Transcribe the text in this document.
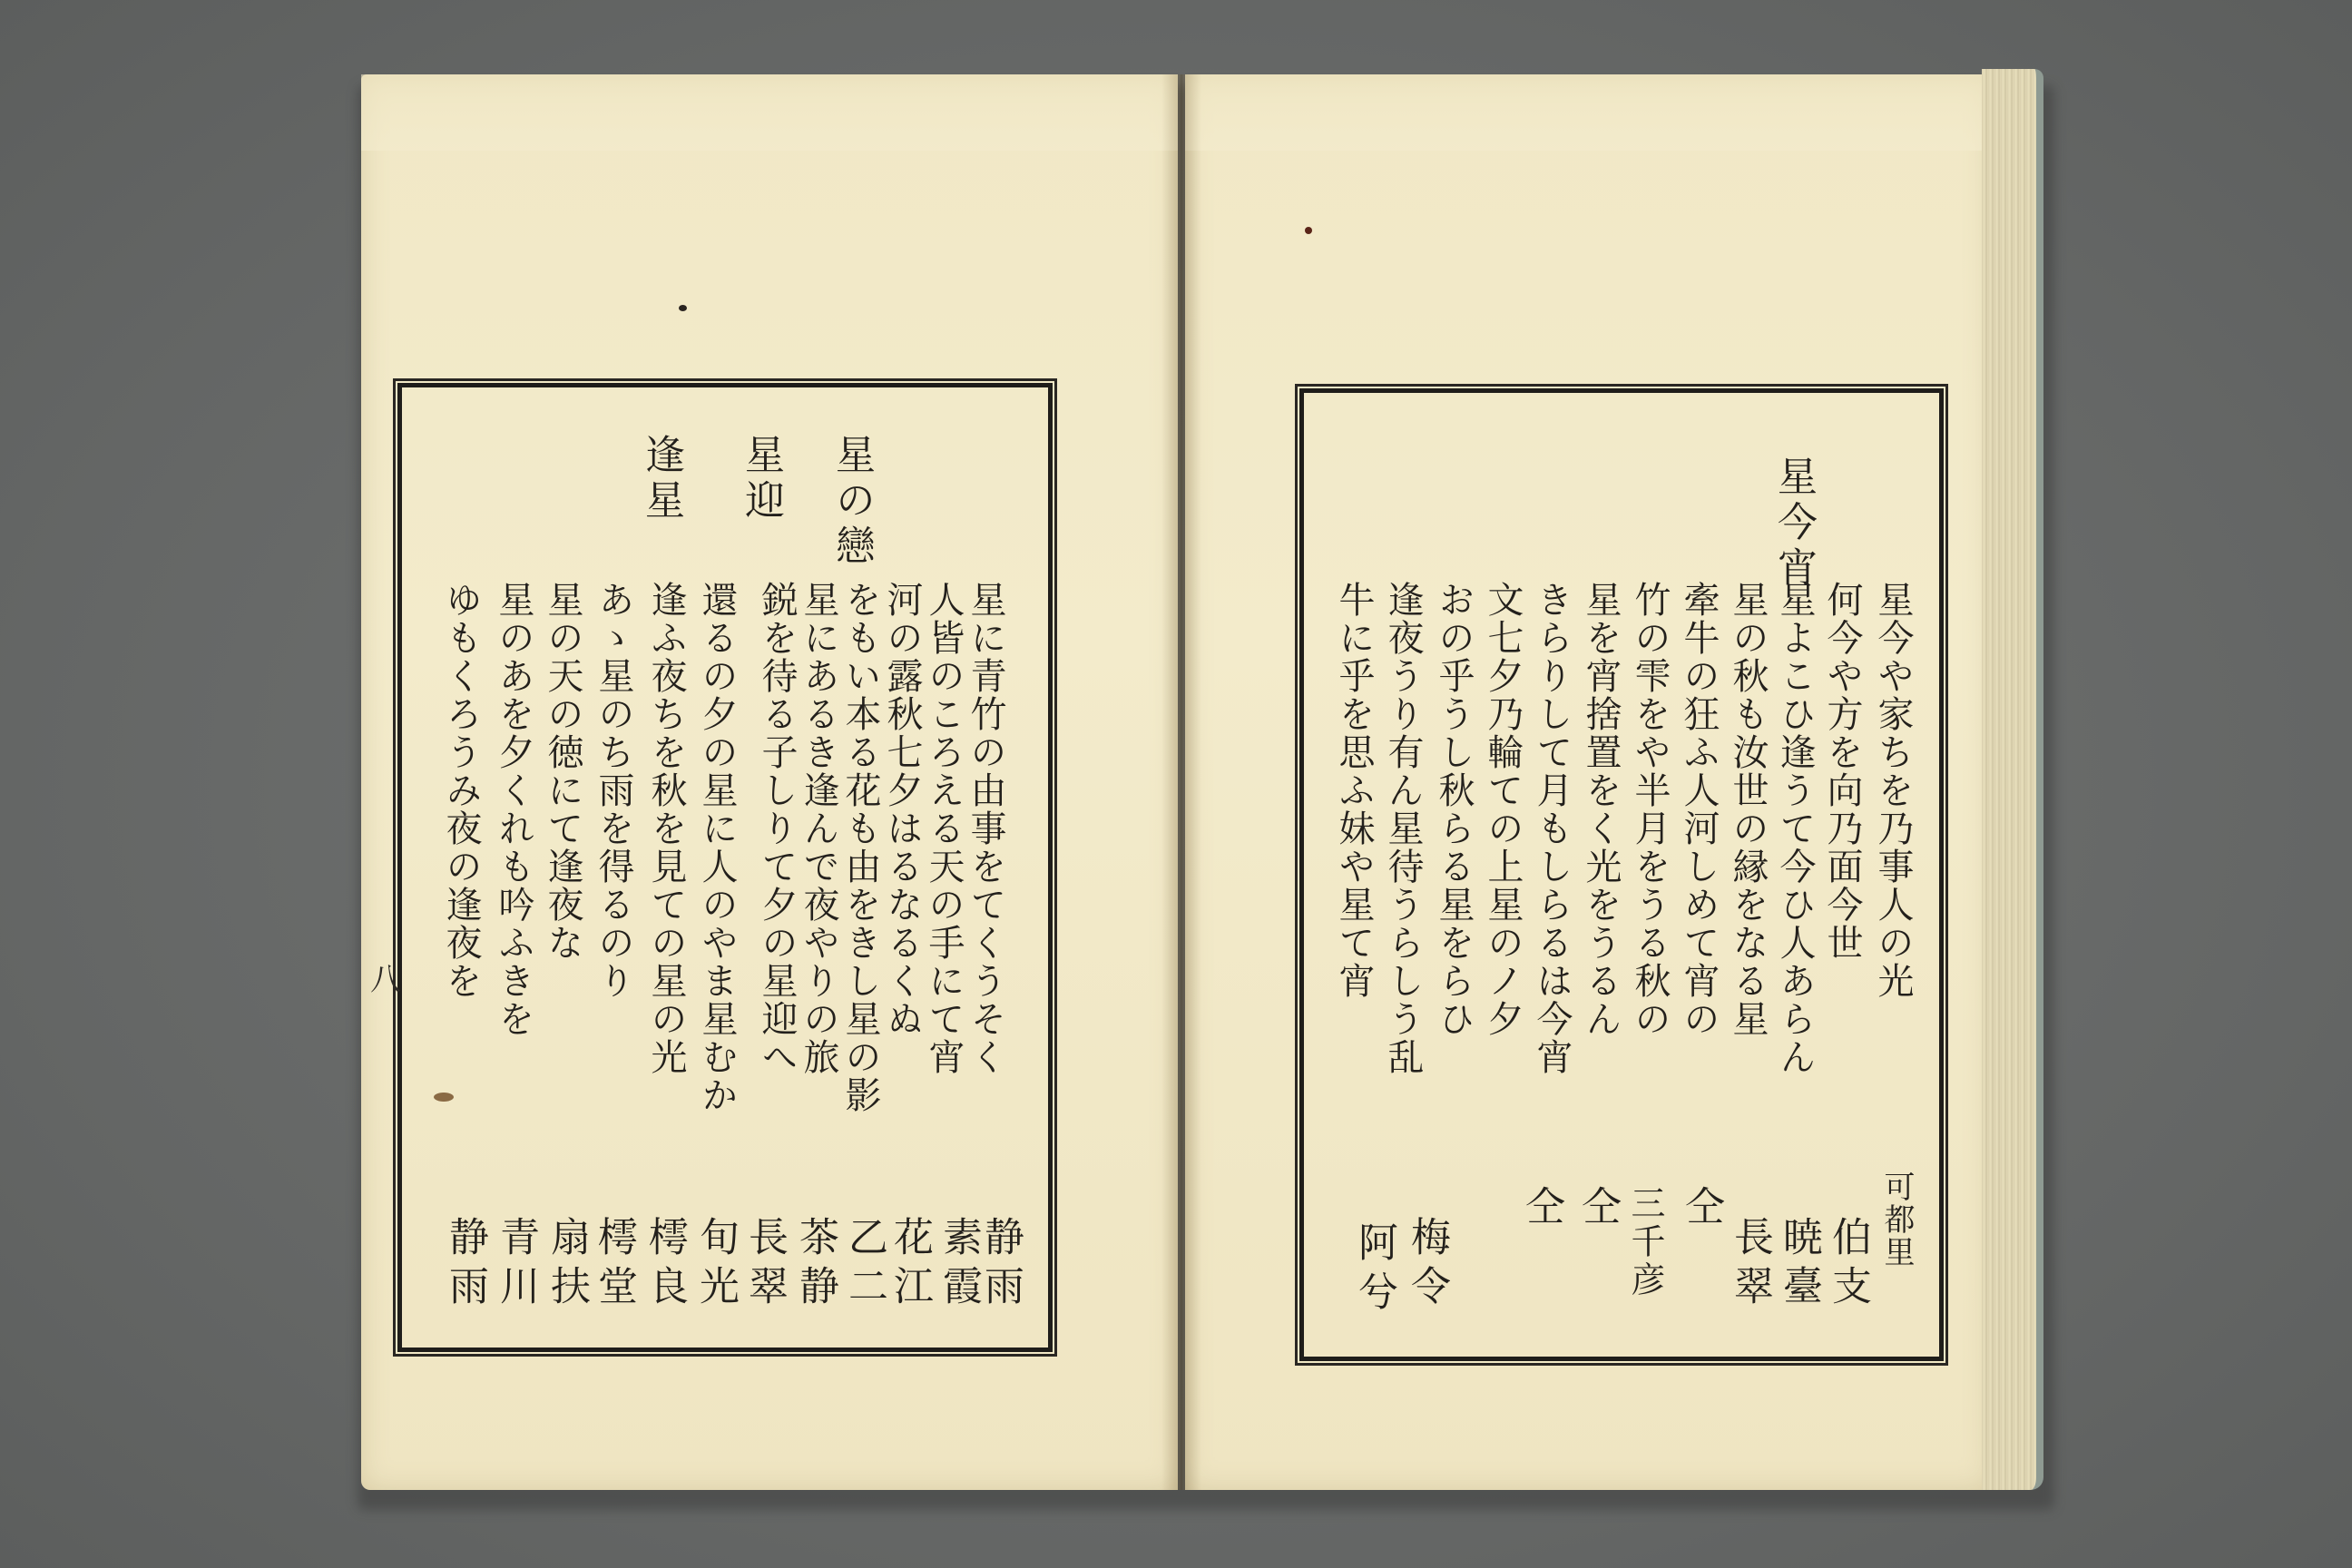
星の戀
星迎
逢星
星に青竹の由事をてくうそく
人皆のころえる天の手にて宵
河の露秋七夕はるなるくぬ
をもい本る花も由をきし星の影
星にあるき逢んで夜やりの旅
鋭を待る子しりて夕の星迎へ
還るの夕の星に人のやま星むか
逢ふ夜ちを秋を見ての星の光
あゝ星のち雨を得るのり
星の天の徳にて逢夜な
星のあを夕くれも吟ふきを
ゆもくろうみ夜の逢夜を
静雨
素霞
花江
乙二
茶静
長翠
旬光
樗良
樗堂
扇扶
青川
静雨
八
星今宵
星今や家ちを乃事人の光
何今や方を向乃面今世
星よこひ逢うて今ひ人あらん
星の秋も汝世の縁をなる星
牽牛の狂ふ人河しめて宵の
竹の雫をや半月をうる秋の
星を宵捨置をく光をうるん
きらりして月もしらるは今宵
文七夕乃輪ての上星のノ夕
おの乎うし秋らる星をらひ
逢夜うり有ん星待うらしう乱
牛に乎を思ふ妹や星て宵
可都里
伯支
暁臺
長翠
仝
三千彦
仝
仝
梅令
阿兮
